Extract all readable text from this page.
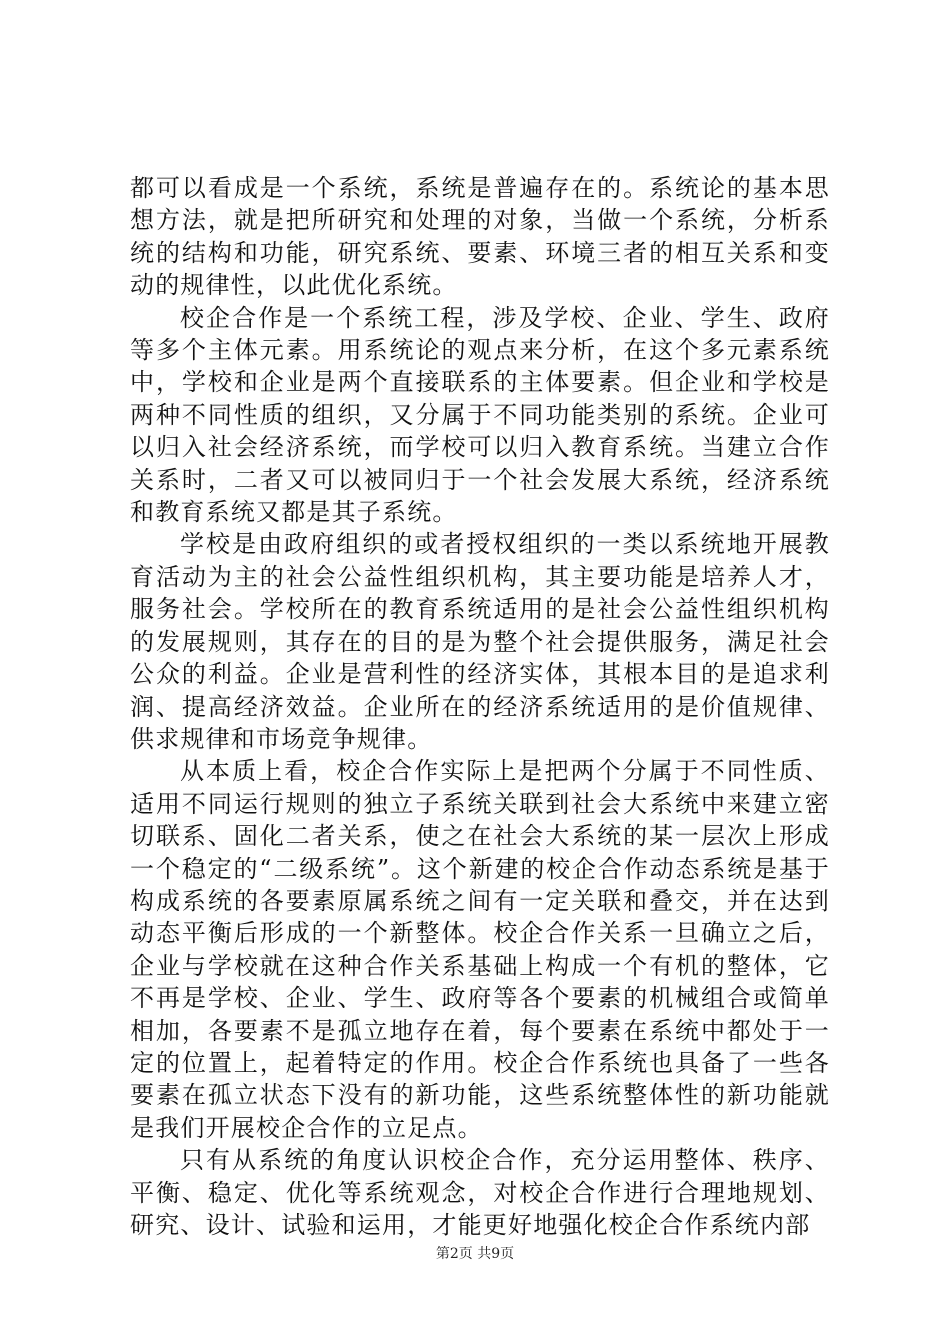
都可以看成是一个系统，系统是普遍存在的。系统论的基本思想方法，就是把所研究和处理的对象，当做一个系统，分析系统的结构和功能，研究系统、要素、环境三者的相互关系和变动的规律性，以此优化系统。

校企合作是一个系统工程，涉及学校、企业、学生、政府等多个主体元素。用系统论的观点来分析，在这个多元素系统中，学校和企业是两个直接联系的主体要素。但企业和学校是两种不同性质的组织，又分属于不同功能类别的系统。企业可以归入社会经济系统，而学校可以归入教育系统。当建立合作关系时，二者又可以被同归于一个社会发展大系统，经济系统和教育系统又都是其子系统。

学校是由政府组织的或者授权组织的一类以系统地开展教育活动为主的社会公益性组织机构，其主要功能是培养人才，服务社会。学校所在的教育系统适用的是社会公益性组织机构的发展规则，其存在的目的是为整个社会提供服务，满足社会公众的利益。企业是营利性的经济实体，其根本目的是追求利润、提高经济效益。企业所在的经济系统适用的是价值规律、供求规律和市场竞争规律。

从本质上看，校企合作实际上是把两个分属于不同性质、适用不同运行规则的独立子系统关联到社会大系统中来建立密切联系、固化二者关系，使之在社会大系统的某一层次上形成一个稳定的“二级系统”。这个新建的校企合作动态系统是基于构成系统的各要素原属系统之间有一定关联和叠交，并在达到动态平衡后形成的一个新整体。校企合作关系一旦确立之后，企业与学校就在这种合作关系基础上构成一个有机的整体，它不再是学校、企业、学生、政府等各个要素的机械组合或简单相加，各要素不是孤立地存在着，每个要素在系统中都处于一定的位置上，起着特定的作用。校企合作系统也具备了一些各要素在孤立状态下没有的新功能，这些系统整体性的新功能就是我们开展校企合作的立足点。

只有从系统的角度认识校企合作，充分运用整体、秩序、平衡、稳定、优化等系统观念，对校企合作进行合理地规划、研究、设计、试验和运用，才能更好地强化校企合作系统内部

第2页 共9页
